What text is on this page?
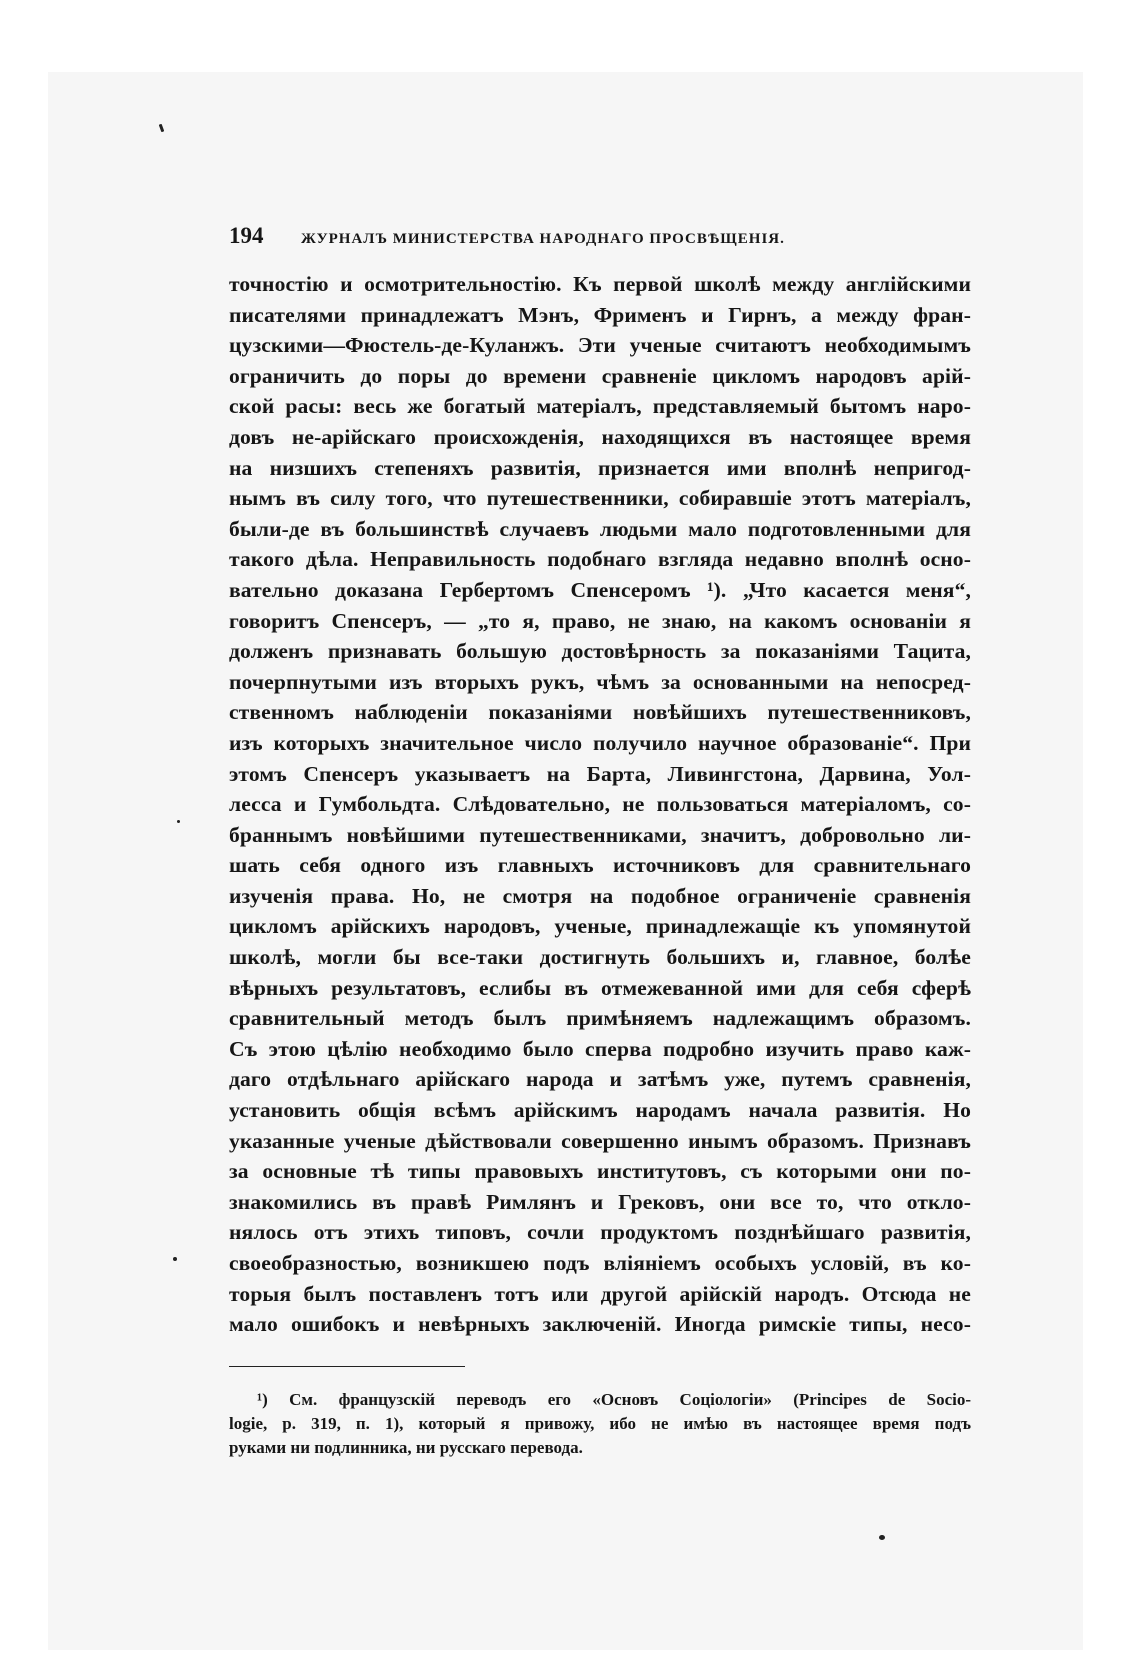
194	ЖУРНАЛЪ МИНИСТЕРСТВА НАРОДНАГО ПРОСВѢЩЕНІЯ.
точностію и осмотрительностію. Къ первой школѣ между англійскими
писателями принадлежатъ Мэнъ, Фрименъ и Гирнъ, а между фран-
цузскими—Фюстель-де-Куланжъ. Эти ученые считаютъ необходимымъ
ограничить до поры до времени сравненіе цикломъ народовъ арій-
ской расы: весь же богатый матеріалъ, представляемый бытомъ наро-
довъ не-арійскаго происхожденія, находящихся въ настоящее время
на низшихъ степеняхъ развитія, признается ими вполнѣ непригод-
нымъ въ силу того, что путешественники, собиравшіе этотъ матеріалъ,
были-де въ большинствѣ случаевъ людьми мало подготовленными для
такого дѣла. Неправильность подобнаго взгляда недавно вполнѣ осно-
вательно доказана Гербертомъ Спенсеромъ ¹). „Что касается меня“,
говоритъ Спенсеръ, — „то я, право, не знаю, на какомъ основаніи я
долженъ признавать большую достовѣрность за показаніями Тацита,
почерпнутыми изъ вторыхъ рукъ, чѣмъ за основанными на непосред-
ственномъ наблюденіи показаніями новѣйшихъ путешественниковъ,
изъ которыхъ значительное число получило научное образованіе“. При
этомъ Спенсеръ указываетъ на Барта, Ливингстона, Дарвина, Уол-
лесса и Гумбольдта. Слѣдовательно, не пользоваться матеріаломъ, со-
браннымъ новѣйшими путешественниками, значитъ, добровольно ли-
шать себя одного изъ главныхъ источниковъ для сравнительнаго
изученія права. Но, не смотря на подобное ограниченіе сравненія
цикломъ арійскихъ народовъ, ученые, принадлежащіе къ упомянутой
школѣ, могли бы все-таки достигнуть большихъ и, главное, болѣе
вѣрныхъ результатовъ, еслибы въ отмежеванной ими для себя сферѣ
сравнительный методъ былъ примѣняемъ надлежащимъ образомъ.
Съ этою цѣлію необходимо было сперва подробно изучить право каж-
даго отдѣльнаго арійскаго народа и затѣмъ уже, путемъ сравненія,
установить общія всѣмъ арійскимъ народамъ начала развитія. Но
указанные ученые дѣйствовали совершенно инымъ образомъ. Признавъ
за основные тѣ типы правовыхъ институтовъ, съ которыми они по-
знакомились въ правѣ Римлянъ и Грековъ, они все то, что откло-
нялось отъ этихъ типовъ, сочли продуктомъ позднѣйшаго развитія,
своеобразностью, возникшею подъ вліяніемъ особыхъ условій, въ ко-
торыя былъ поставленъ тотъ или другой арійскій народъ. Отсюда не
мало ошибокъ и невѣрныхъ заключеній. Иногда римскіе типы, несо-
¹) См. французскій переводъ его «Основъ Соціологіи» (Principes de Socio-
logie, p. 319, п. 1), который я привожу, ибо не имѣю въ настоящее время подъ
руками ни подлинника, ни русскаго перевода.
